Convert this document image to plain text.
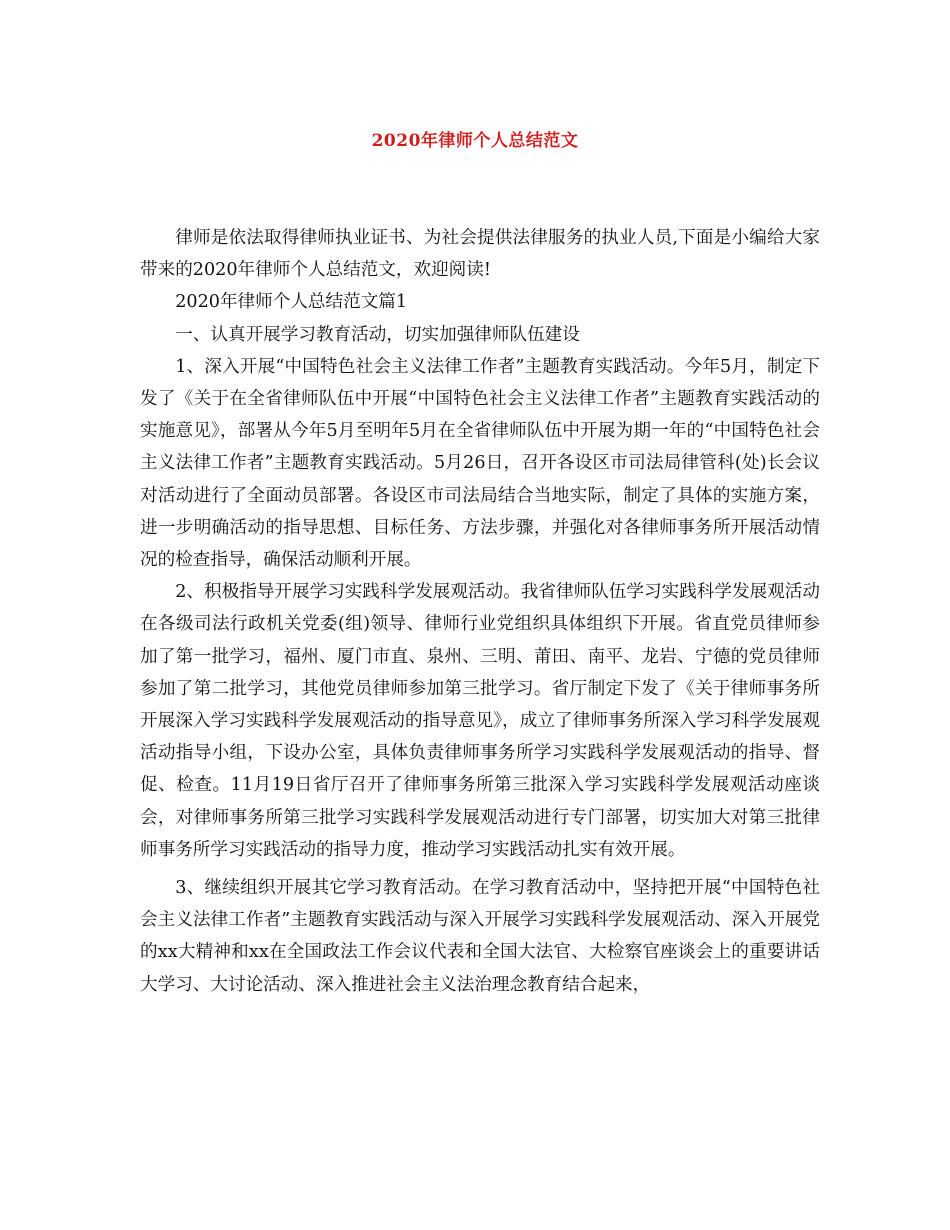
2020年律师个人总结范文

律师是依法取得律师执业证书、为社会提供法律服务的执业人员,下面是小编给大家带来的2020年律师个人总结范文，欢迎阅读!

2020年律师个人总结范文篇1

一、认真开展学习教育活动，切实加强律师队伍建设

1、深入开展“中国特色社会主义法律工作者”主题教育实践活动。今年5月，制定下发了《关于在全省律师队伍中开展“中国特色社会主义法律工作者”主题教育实践活动的实施意见》，部署从今年5月至明年5月在全省律师队伍中开展为期一年的“中国特色社会主义法律工作者”主题教育实践活动。5月26日，召开各设区市司法局律管科(处)长会议对活动进行了全面动员部署。各设区市司法局结合当地实际，制定了具体的实施方案，进一步明确活动的指导思想、目标任务、方法步骤，并强化对各律师事务所开展活动情况的检查指导，确保活动顺利开展。

2、积极指导开展学习实践科学发展观活动。我省律师队伍学习实践科学发展观活动在各级司法行政机关党委(组)领导、律师行业党组织具体组织下开展。省直党员律师参加了第一批学习，福州、厦门市直、泉州、三明、莆田、南平、龙岩、宁德的党员律师参加了第二批学习，其他党员律师参加第三批学习。省厅制定下发了《关于律师事务所开展深入学习实践科学发展观活动的指导意见》，成立了律师事务所深入学习科学发展观活动指导小组，下设办公室，具体负责律师事务所学习实践科学发展观活动的指导、督促、检查。11月19日省厅召开了律师事务所第三批深入学习实践科学发展观活动座谈会，对律师事务所第三批学习实践科学发展观活动进行专门部署，切实加大对第三批律师事务所学习实践活动的指导力度，推动学习实践活动扎实有效开展。

3、继续组织开展其它学习教育活动。在学习教育活动中，坚持把开展“中国特色社会主义法律工作者”主题教育实践活动与深入开展学习实践科学发展观活动、深入开展党的xx大精神和xx在全国政法工作会议代表和全国大法官、大检察官座谈会上的重要讲话大学习、大讨论活动、深入推进社会主义法治理念教育结合起来，
